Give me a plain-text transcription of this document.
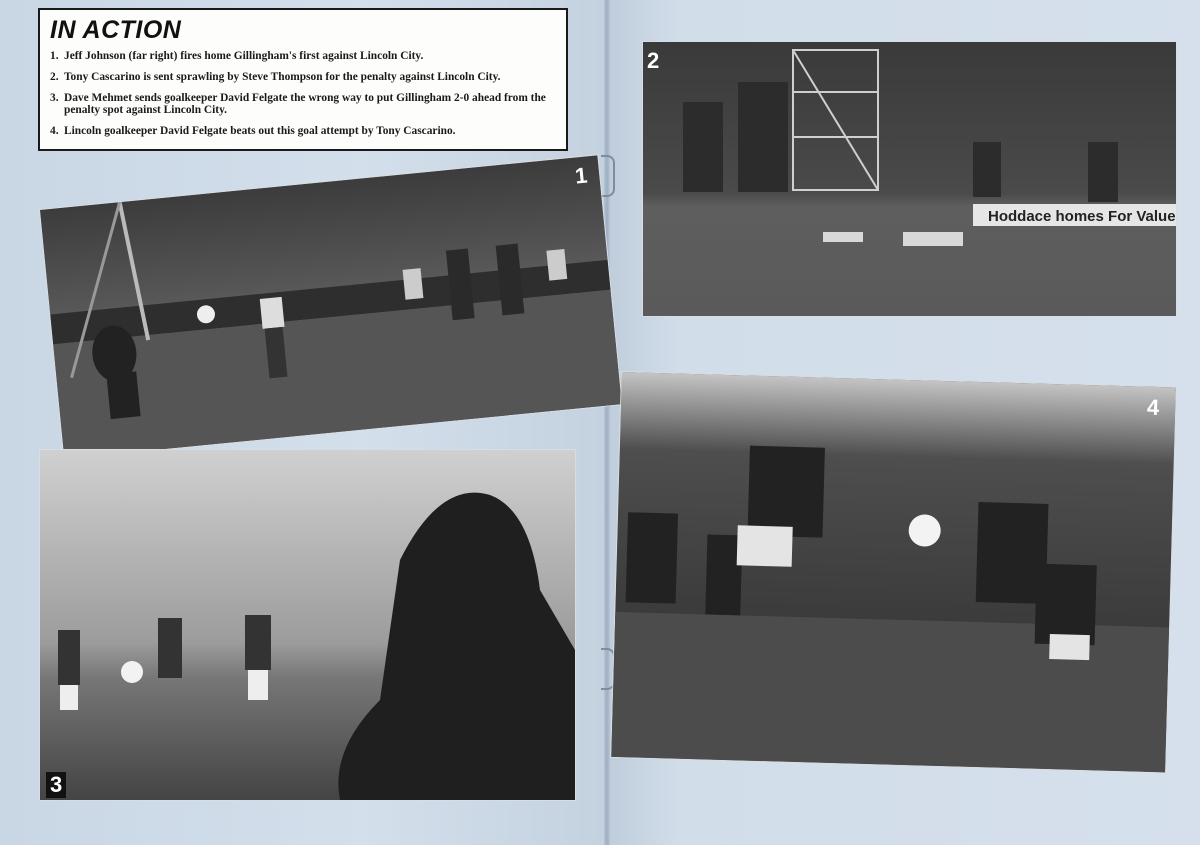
IN ACTION
1. Jeff Johnson (far right) fires home Gillingham's first against Lincoln City.
2. Tony Cascarino is sent sprawling by Steve Thompson for the penalty against Lincoln City.
3. Dave Mehmet sends goalkeeper David Felgate the wrong way to put Gillingham 2-0 ahead from the penalty spot against Lincoln City.
4. Lincoln goalkeeper David Felgate beats out this goal attempt by Tony Cascarino.
1
3
Hoddace homes For Value
2
4
